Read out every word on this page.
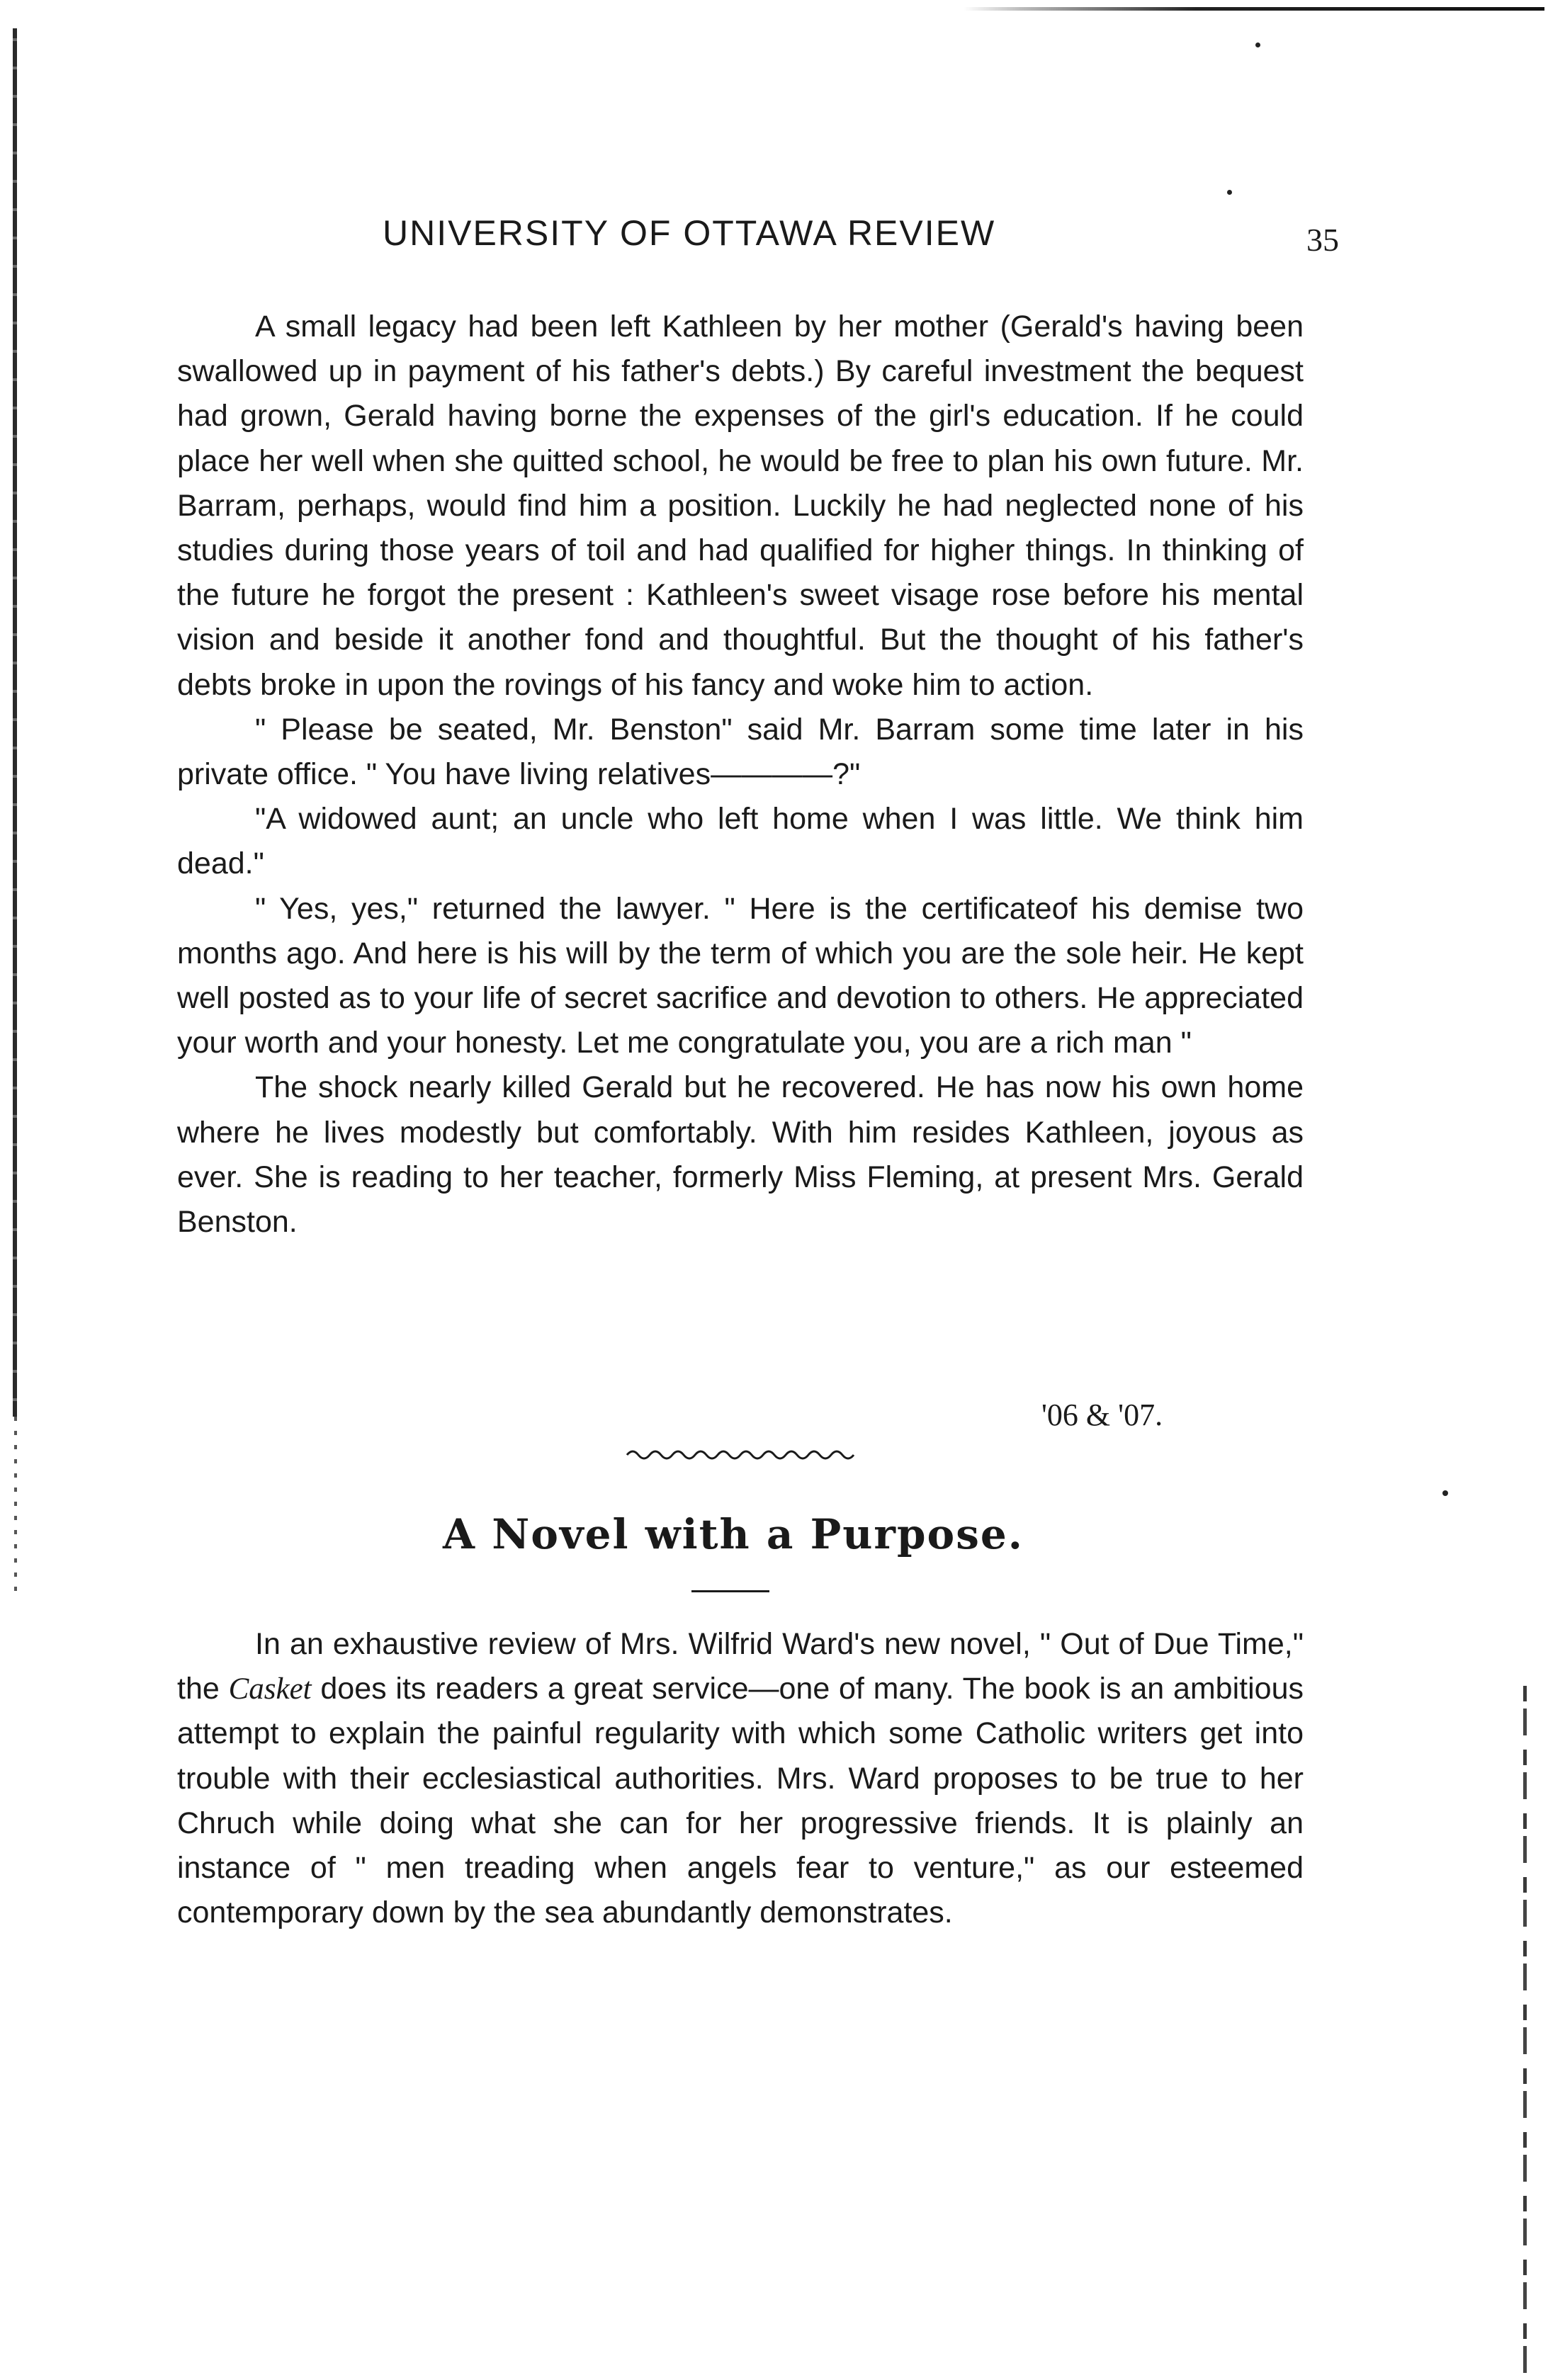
UNIVERSITY OF OTTAWA REVIEW	35

A small legacy had been left Kathleen by her mother (Gerald's having been swallowed up in payment of his father's debts.) By careful investment the bequest had grown, Gerald having borne the expenses of the girl's education. If he could place her well when she quitted school, he would be free to plan his own future. Mr. Barram, perhaps, would find him a position. Luckily he had neglected none of his studies during those years of toil and had qualified for higher things. In thinking of the future he forgot the present : Kathleen's sweet visage rose before his mental vision and beside it another fond and thoughtful. But the thought of his father's debts broke in upon the rovings of his fancy and woke him to action.

" Please be seated, Mr. Benston" said Mr. Barram some time later in his private office. " You have living relatives————?"

"A widowed aunt; an uncle who left home when I was little. We think him dead."

" Yes, yes," returned the lawyer. " Here is the certificateof his demise two months ago. And here is his will by the term of which you are the sole heir. He kept well posted as to your life of secret sacrifice and devotion to others. He appreciated your worth and your honesty. Let me congratulate you, you are a rich man "

The shock nearly killed Gerald but he recovered. He has now his own home where he lives modestly but comfortably. With him resides Kathleen, joyous as ever. She is reading to her teacher, formerly Miss Fleming, at present Mrs. Gerald Benston.

'06 & '07.
A Novel with a Purpose.

In an exhaustive review of Mrs. Wilfrid Ward's new novel, " Out of Due Time," the Casket does its readers a great service—one of many. The book is an ambitious attempt to explain the painful regularity with which some Catholic writers get into trouble with their ecclesiastical authorities. Mrs. Ward proposes to be true to her Chruch while doing what she can for her progressive friends. It is plainly an instance of " men treading when angels fear to venture," as our esteemed contemporary down by the sea abundantly demonstrates.
